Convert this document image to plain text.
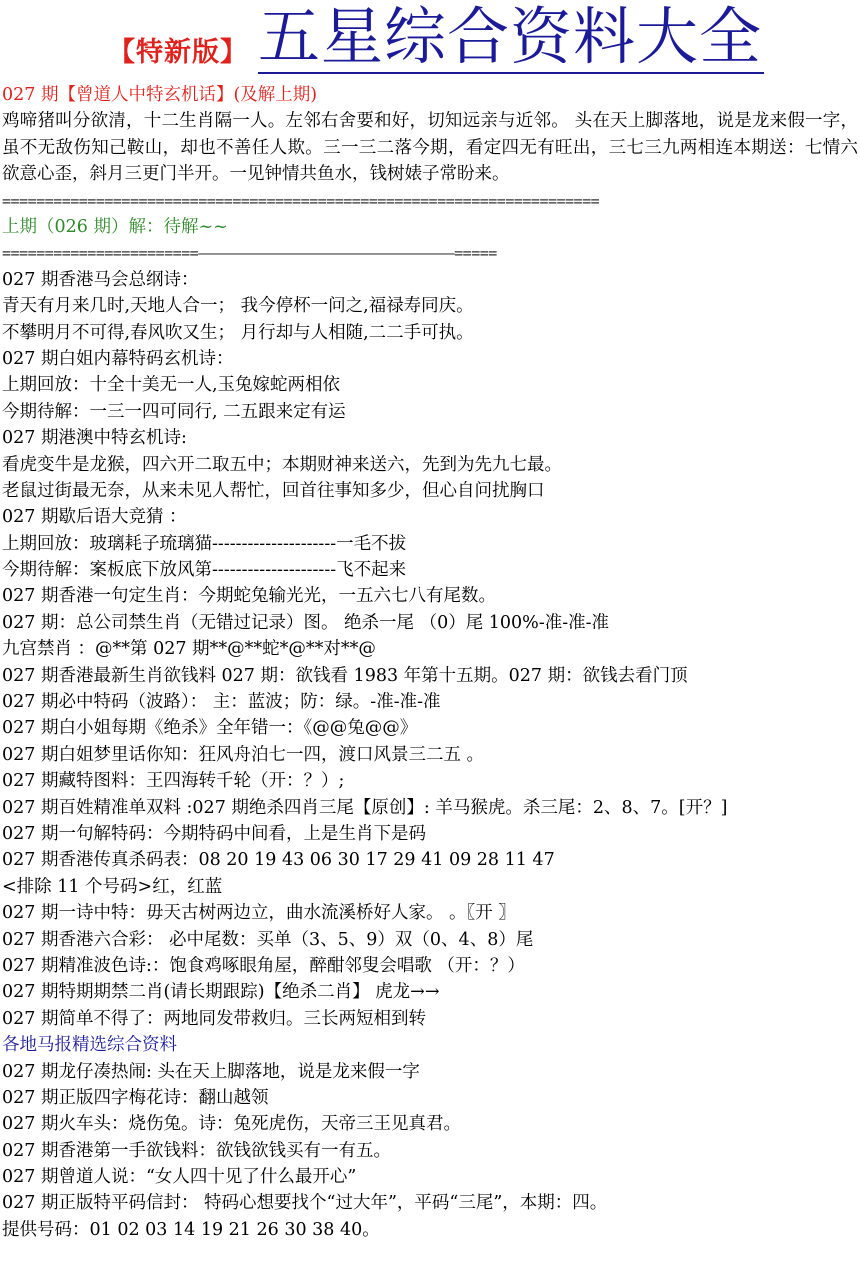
【特新版】 五星综合资料大全
027 期【曾道人中特玄机话】(及解上期)

鸡啼猪叫分欲清，十二生肖隔一人。左邻右舍要和好，切知远亲与近邻。 头在天上脚落地，说是龙来假一字，虽不无敌伤知己鞍山，却也不善任人欺。三一三二落今期，看定四无有旺出，三七三九两相连本期送：七情六欲意心歪，斜月三更门半开。一见钟情共鱼水，钱树婊子常盼来。

======================================================================
上期（026 期）解：待解~~
=======================——————————————————————————————=====
027 期香港马会总纲诗：
青天有月来几时,天地人合一； 我今停杯一问之,福禄寿同庆。
不攀明月不可得,春风吹又生； 月行却与人相随,二二手可执。
027 期白姐内幕特码玄机诗：
上期回放：十全十美无一人,玉兔嫁蛇两相依
今期待解：一三一四可同行, 二五跟来定有运
027 期港澳中特玄机诗:
看虎变牛是龙猴，四六开二取五中；本期财神来送六，先到为先九七最。
老鼠过街最无奈，从来未见人帮忙，回首往事知多少，但心自问扰胸口
027 期歇后语大竞猜 ：
上期回放：玻璃耗子琉璃猫---------------------一毛不拔
今期待解：案板底下放风第---------------------飞不起来
027 期香港一句定生肖：今期蛇兔输光光，一五六七八有尾数。
027 期：总公司禁生肖（无错过记录）图。 绝杀一尾 （0）尾 100%-准-准-准
九宫禁肖 ：@**第 027 期**@**蛇*@**对**@
027 期香港最新生肖欲钱料 027 期：欲钱看 1983 年第十五期。027 期：欲钱去看门顶
027 期必中特码（波路）： 主：蓝波；防：绿。-准-准-准
027 期白小姐每期《绝杀》全年错一：《@@兔@@》
027 期白姐梦里话你知：狂风舟泊七一四，渡口风景三二五 。
027 期藏特图料：王四海转千轮（开：？）;
027 期百姓精准单双料 :027 期绝杀四肖三尾【原创】: 羊马猴虎。杀三尾：2、8、7。[开？]
027 期一句解特码：今期特码中间看，上是生肖下是码
027 期香港传真杀码表：08 20 19 43 06 30 17 29 41 09 28 11 47
<排除 11 个号码>红，红蓝
027 期一诗中特：毋天古树两边立，曲水流溪桥好人家。 。〖开 〗
027 期香港六合彩： 必中尾数：买单（3、5、9）双（0、4、8）尾
027 期精准波色诗:：饱食鸡啄眼角屋，醉酣邻叟会唱歌 （开：？）
027 期特期期禁二肖(请长期跟踪)【绝杀二肖】 虎龙→→
027 期简单不得了：两地同发带救归。三长两短相到转
各地马报精选综合资料
027 期龙仔凑热闹: 头在天上脚落地，说是龙来假一字
027 期正版四字梅花诗：翻山越领
027 期火车头：烧伤兔。诗：兔死虎伤，天帝三王见真君。
027 期香港第一手欲钱料：欲钱欲钱买有一有五。
027 期曾道人说：“女人四十见了什么最开心”
027 期正版特平码信封： 特码心想要找个“过大年”，平码“三尾”，本期：四。
提供号码：01 02 03 14 19 21 26 30 38 40。
